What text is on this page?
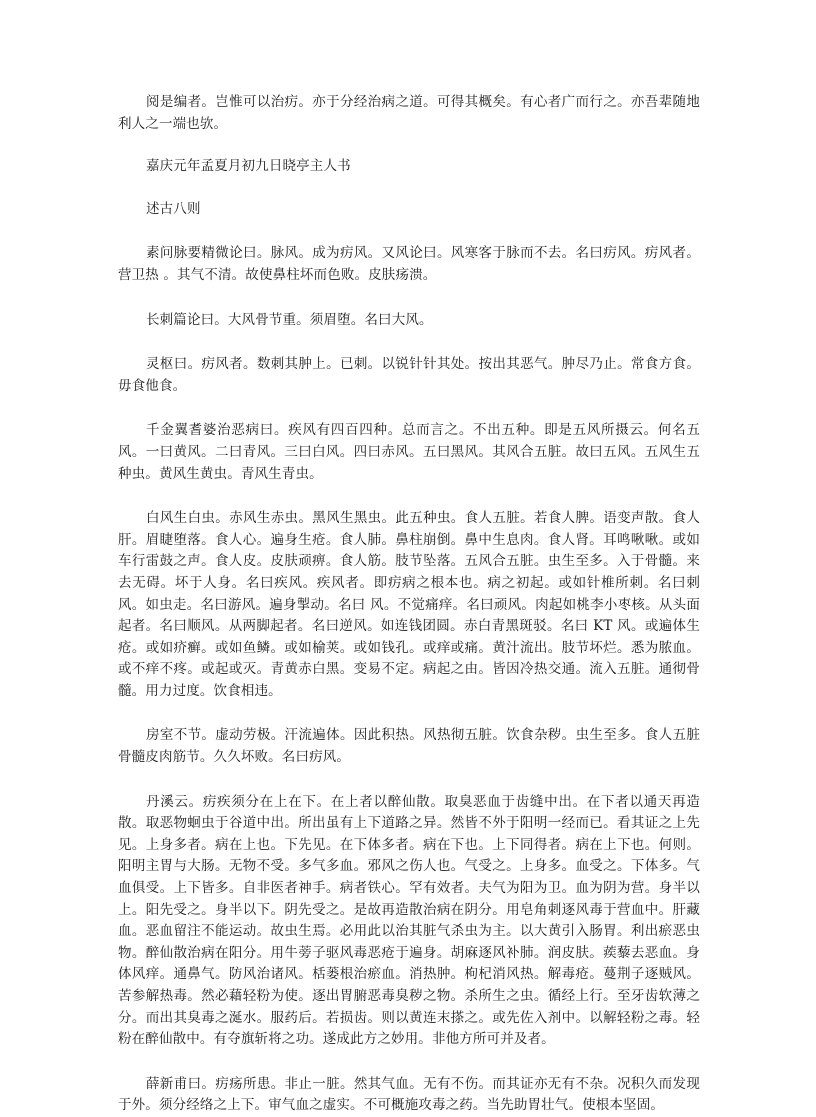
阅是编者。岂惟可以治疠。亦于分经治病之道。可得其概矣。有心者广而行之。亦吾辈随地利人之一端也欤。

嘉庆元年孟夏月初九日晓亭主人书

述古八则

素问脉要精微论曰。脉风。成为疠风。又风论曰。风寒客于脉而不去。名曰疠风。疠风者。营卫热 。其气不清。故使鼻柱坏而色败。皮肤疡溃。

长刺篇论曰。大风骨节重。须眉堕。名曰大风。

灵枢曰。疠风者。数刺其肿上。已刺。以锐针针其处。按出其恶气。肿尽乃止。常食方食。毋食他食。

千金翼耆婆治恶病曰。疾风有四百四种。总而言之。不出五种。即是五风所摄云。何名五风。一曰黄风。二曰青风。三曰白风。四曰赤风。五曰黑风。其风合五脏。故曰五风。五风生五种虫。黄风生黄虫。青风生青虫。

白风生白虫。赤风生赤虫。黑风生黑虫。此五种虫。食人五脏。若食人脾。语变声散。食人肝。眉睫堕落。食人心。遍身生疮。食人肺。鼻柱崩倒。鼻中生息肉。食人肾。耳鸣啾啾。或如车行雷鼓之声。食人皮。皮肤顽痹。食人筋。肢节坠落。五风合五脏。虫生至多。入于骨髓。来去无碍。坏于人身。名曰疾风。疾风者。即疠病之根本也。病之初起。或如针椎所刺。名曰刺风。如虫走。名曰游风。遍身掣动。名曰 风。不觉痛痒。名曰顽风。肉起如桃李小枣核。从头面起者。名曰顺风。从两脚起者。名曰逆风。如连钱团圆。赤白青黑斑驳。名曰 KT 风。或遍体生疮。或如疥癣。或如鱼鳞。或如榆荚。或如钱孔。或痒或痛。黄汁流出。肢节坏烂。悉为脓血。或不痒不疼。或起或灭。青黄赤白黑。变易不定。病起之由。皆因冷热交通。流入五脏。通彻骨髓。用力过度。饮食相违。

房室不节。虚动劳极。汗流遍体。因此积热。风热彻五脏。饮食杂秽。虫生至多。食人五脏骨髓皮肉筋节。久久坏败。名曰疠风。

丹溪云。疠疾须分在上在下。在上者以醉仙散。取臭恶血于齿缝中出。在下者以通天再造散。取恶物蛔虫于谷道中出。所出虽有上下道路之异。然皆不外于阳明一经而已。看其证之上先见。上身多者。病在上也。下先见。在下体多者。病在下也。上下同得者。病在上下也。何则。阳明主胃与大肠。无物不受。多气多血。邪风之伤人也。气受之。上身多。血受之。下体多。气血俱受。上下皆多。自非医者神手。病者铁心。罕有效者。夫气为阳为卫。血为阴为营。身半以上。阳先受之。身半以下。阴先受之。是故再造散治病在阴分。用皂角刺逐风毒于营血中。肝藏血。恶血留注不能运动。故虫生焉。必用此以治其脏气杀虫为主。以大黄引入肠胃。利出瘀恶虫物。醉仙散治病在阳分。用牛蒡子驱风毒恶疮于遍身。胡麻逐风补肺。润皮肤。蒺藜去恶血。身体风痒。通鼻气。防风治诸风。栝蒌根治瘀血。消热肿。枸杞消风热。解毒疮。蔓荆子逐贼风。苦参解热毒。然必藉轻粉为使。逐出胃腑恶毒臭秽之物。杀所生之虫。循经上行。至牙齿软薄之分。而出其臭毒之涎水。服药后。若损齿。则以黄连末搽之。或先佐入剂中。以解轻粉之毒。轻粉在醉仙散中。有夺旗斩将之功。遂成此方之妙用。非他方所可并及者。

薛新甫曰。疠疡所患。非止一脏。然其气血。无有不伤。而其证亦无有不杂。况积久而发现于外。须分经络之上下。审气血之虚实。不可概施攻毒之药。当先助胃壮气。使根本坚固。
